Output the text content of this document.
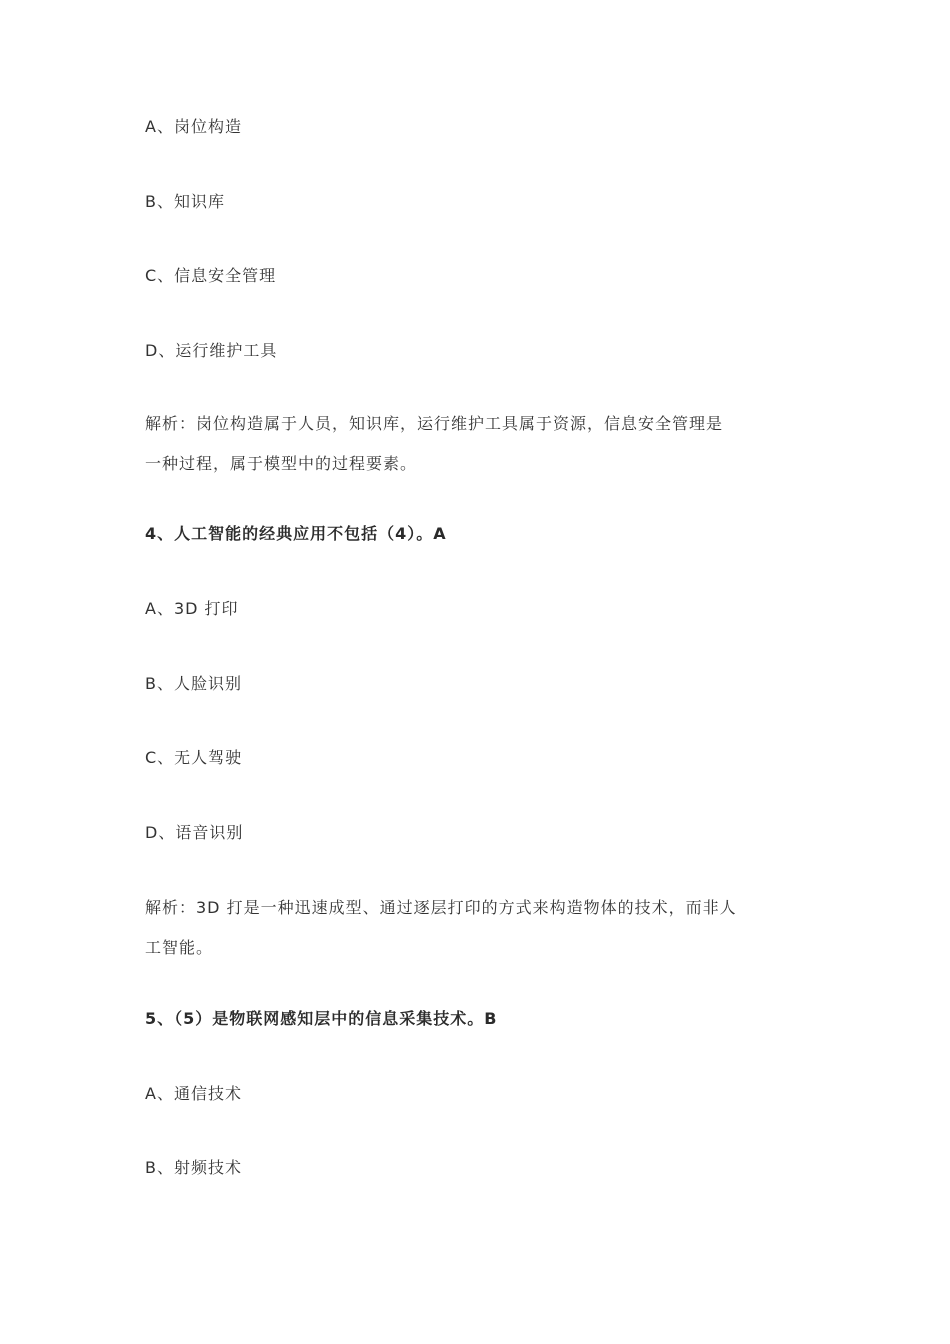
A、岗位构造
B、知识库
C、信息安全管理
D、运行维护工具
解析：岗位构造属于人员，知识库，运行维护工具属于资源，信息安全管理是
一种过程，属于模型中的过程要素。
4、人工智能的经典应用不包括（4）。A
A、3D 打印
B、人脸识别
C、无人驾驶
D、语音识别
解析：3D 打是一种迅速成型、通过逐层打印的方式来构造物体的技术，而非人
工智能。
5、（5）是物联网感知层中的信息采集技术。B
A、通信技术
B、射频技术
